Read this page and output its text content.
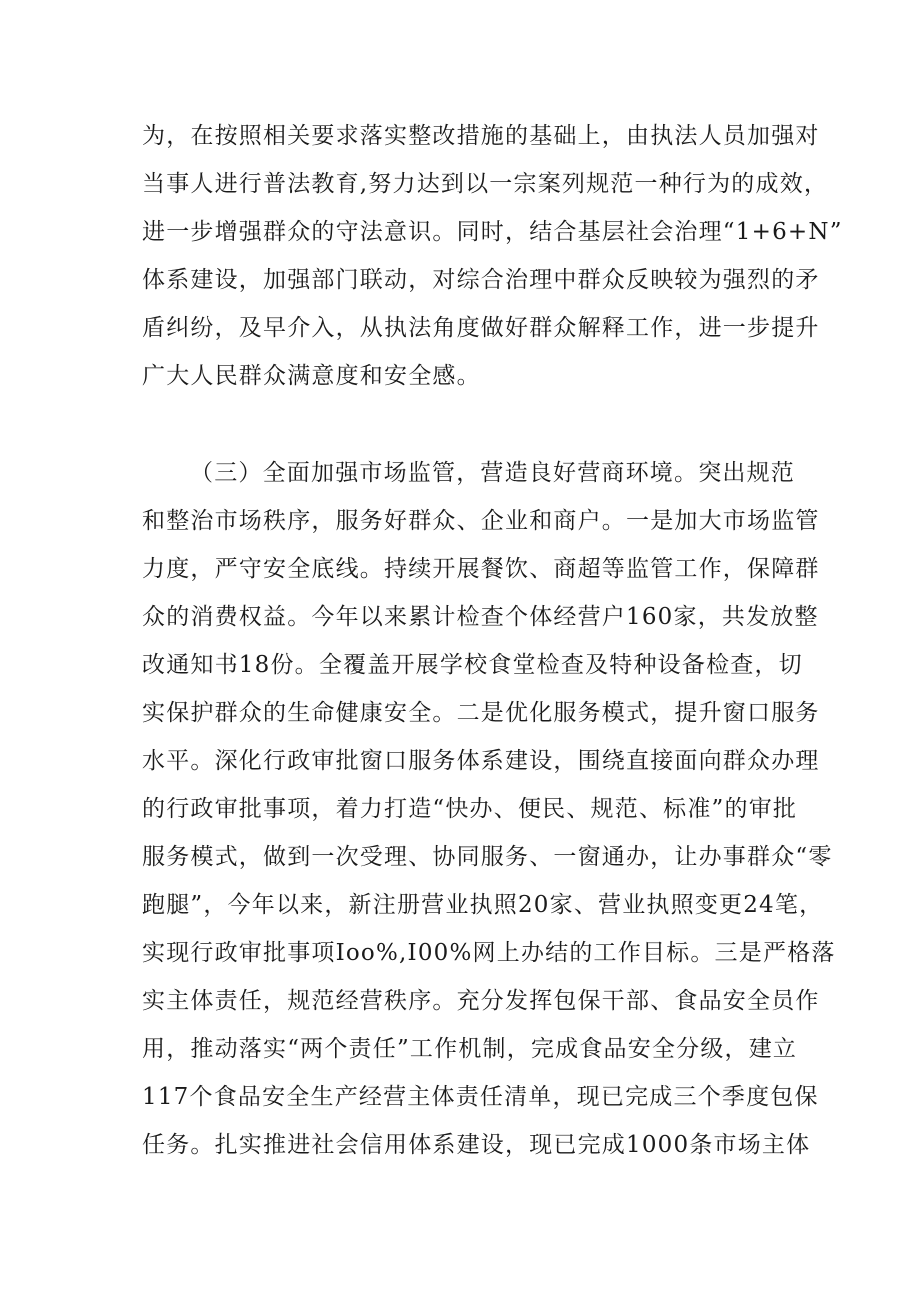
为，在按照相关要求落实整改措施的基础上，由执法人员加强对
当事人进行普法教育,努力达到以一宗案列规范一种行为的成效，
进一步增强群众的守法意识。同时，结合基层社会治理“1+6+N”
体系建设，加强部门联动，对综合治理中群众反映较为强烈的矛
盾纠纷，及早介入，从执法角度做好群众解释工作，进一步提升
广大人民群众满意度和安全感。
（三）全面加强市场监管，营造良好营商环境。突出规范
和整治市场秩序，服务好群众、企业和商户。一是加大市场监管
力度，严守安全底线。持续开展餐饮、商超等监管工作，保障群
众的消费权益。今年以来累计检查个体经营户160家，共发放整
改通知书18份。全覆盖开展学校食堂检查及特种设备检查，切
实保护群众的生命健康安全。二是优化服务模式，提升窗口服务
水平。深化行政审批窗口服务体系建设，围绕直接面向群众办理
的行政审批事项，着力打造“快办、便民、规范、标准”的审批
服务模式，做到一次受理、协同服务、一窗通办，让办事群众“零
跑腿”，今年以来，新注册营业执照20家、营业执照变更24笔，
实现行政审批事项Ioo%,I00%网上办结的工作目标。三是严格落
实主体责任，规范经营秩序。充分发挥包保干部、食品安全员作
用，推动落实“两个责任”工作机制，完成食品安全分级，建立
117个食品安全生产经营主体责任清单，现已完成三个季度包保
任务。扎实推进社会信用体系建设，现已完成1000条市场主体
